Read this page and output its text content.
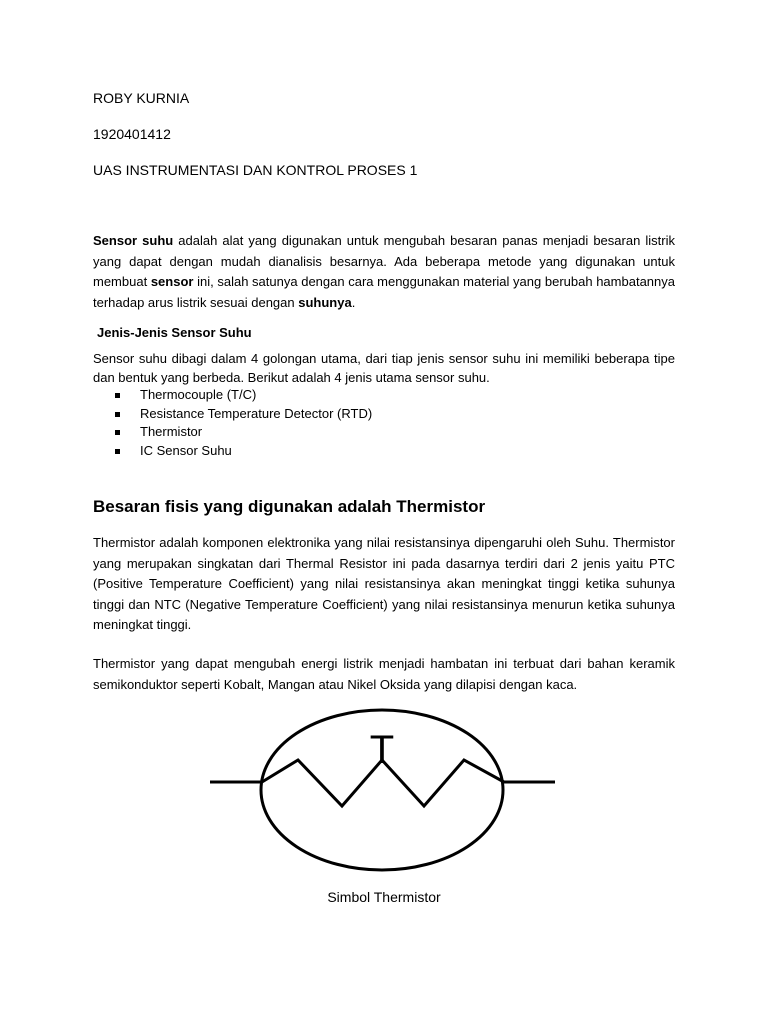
ROBY KURNIA
1920401412
UAS INSTRUMENTASI DAN KONTROL PROSES 1
Sensor suhu adalah alat yang digunakan untuk mengubah besaran panas menjadi besaran listrik yang dapat dengan mudah dianalisis besarnya. Ada beberapa metode yang digunakan untuk membuat sensor ini, salah satunya dengan cara menggunakan material yang berubah hambatannya terhadap arus listrik sesuai dengan suhunya.
Jenis-Jenis Sensor Suhu
Sensor suhu dibagi dalam 4 golongan utama, dari tiap jenis sensor suhu ini memiliki beberapa tipe dan bentuk yang berbeda. Berikut adalah 4 jenis utama sensor suhu.
Thermocouple (T/C)
Resistance Temperature Detector (RTD)
Thermistor
IC Sensor Suhu
Besaran fisis yang digunakan adalah Thermistor
Thermistor adalah komponen elektronika yang nilai resistansinya dipengaruhi oleh Suhu. Thermistor yang merupakan singkatan dari Thermal Resistor ini pada dasarnya terdiri dari 2 jenis yaitu PTC (Positive Temperature Coefficient) yang nilai resistansinya akan meningkat tinggi ketika suhunya tinggi dan NTC (Negative Temperature Coefficient) yang nilai resistansinya menurun ketika suhunya meningkat tinggi.
Thermistor yang dapat mengubah energi listrik menjadi hambatan ini terbuat dari bahan keramik semikonduktor seperti Kobalt, Mangan atau Nikel Oksida yang dilapisi dengan kaca.
T
Simbol Thermistor
